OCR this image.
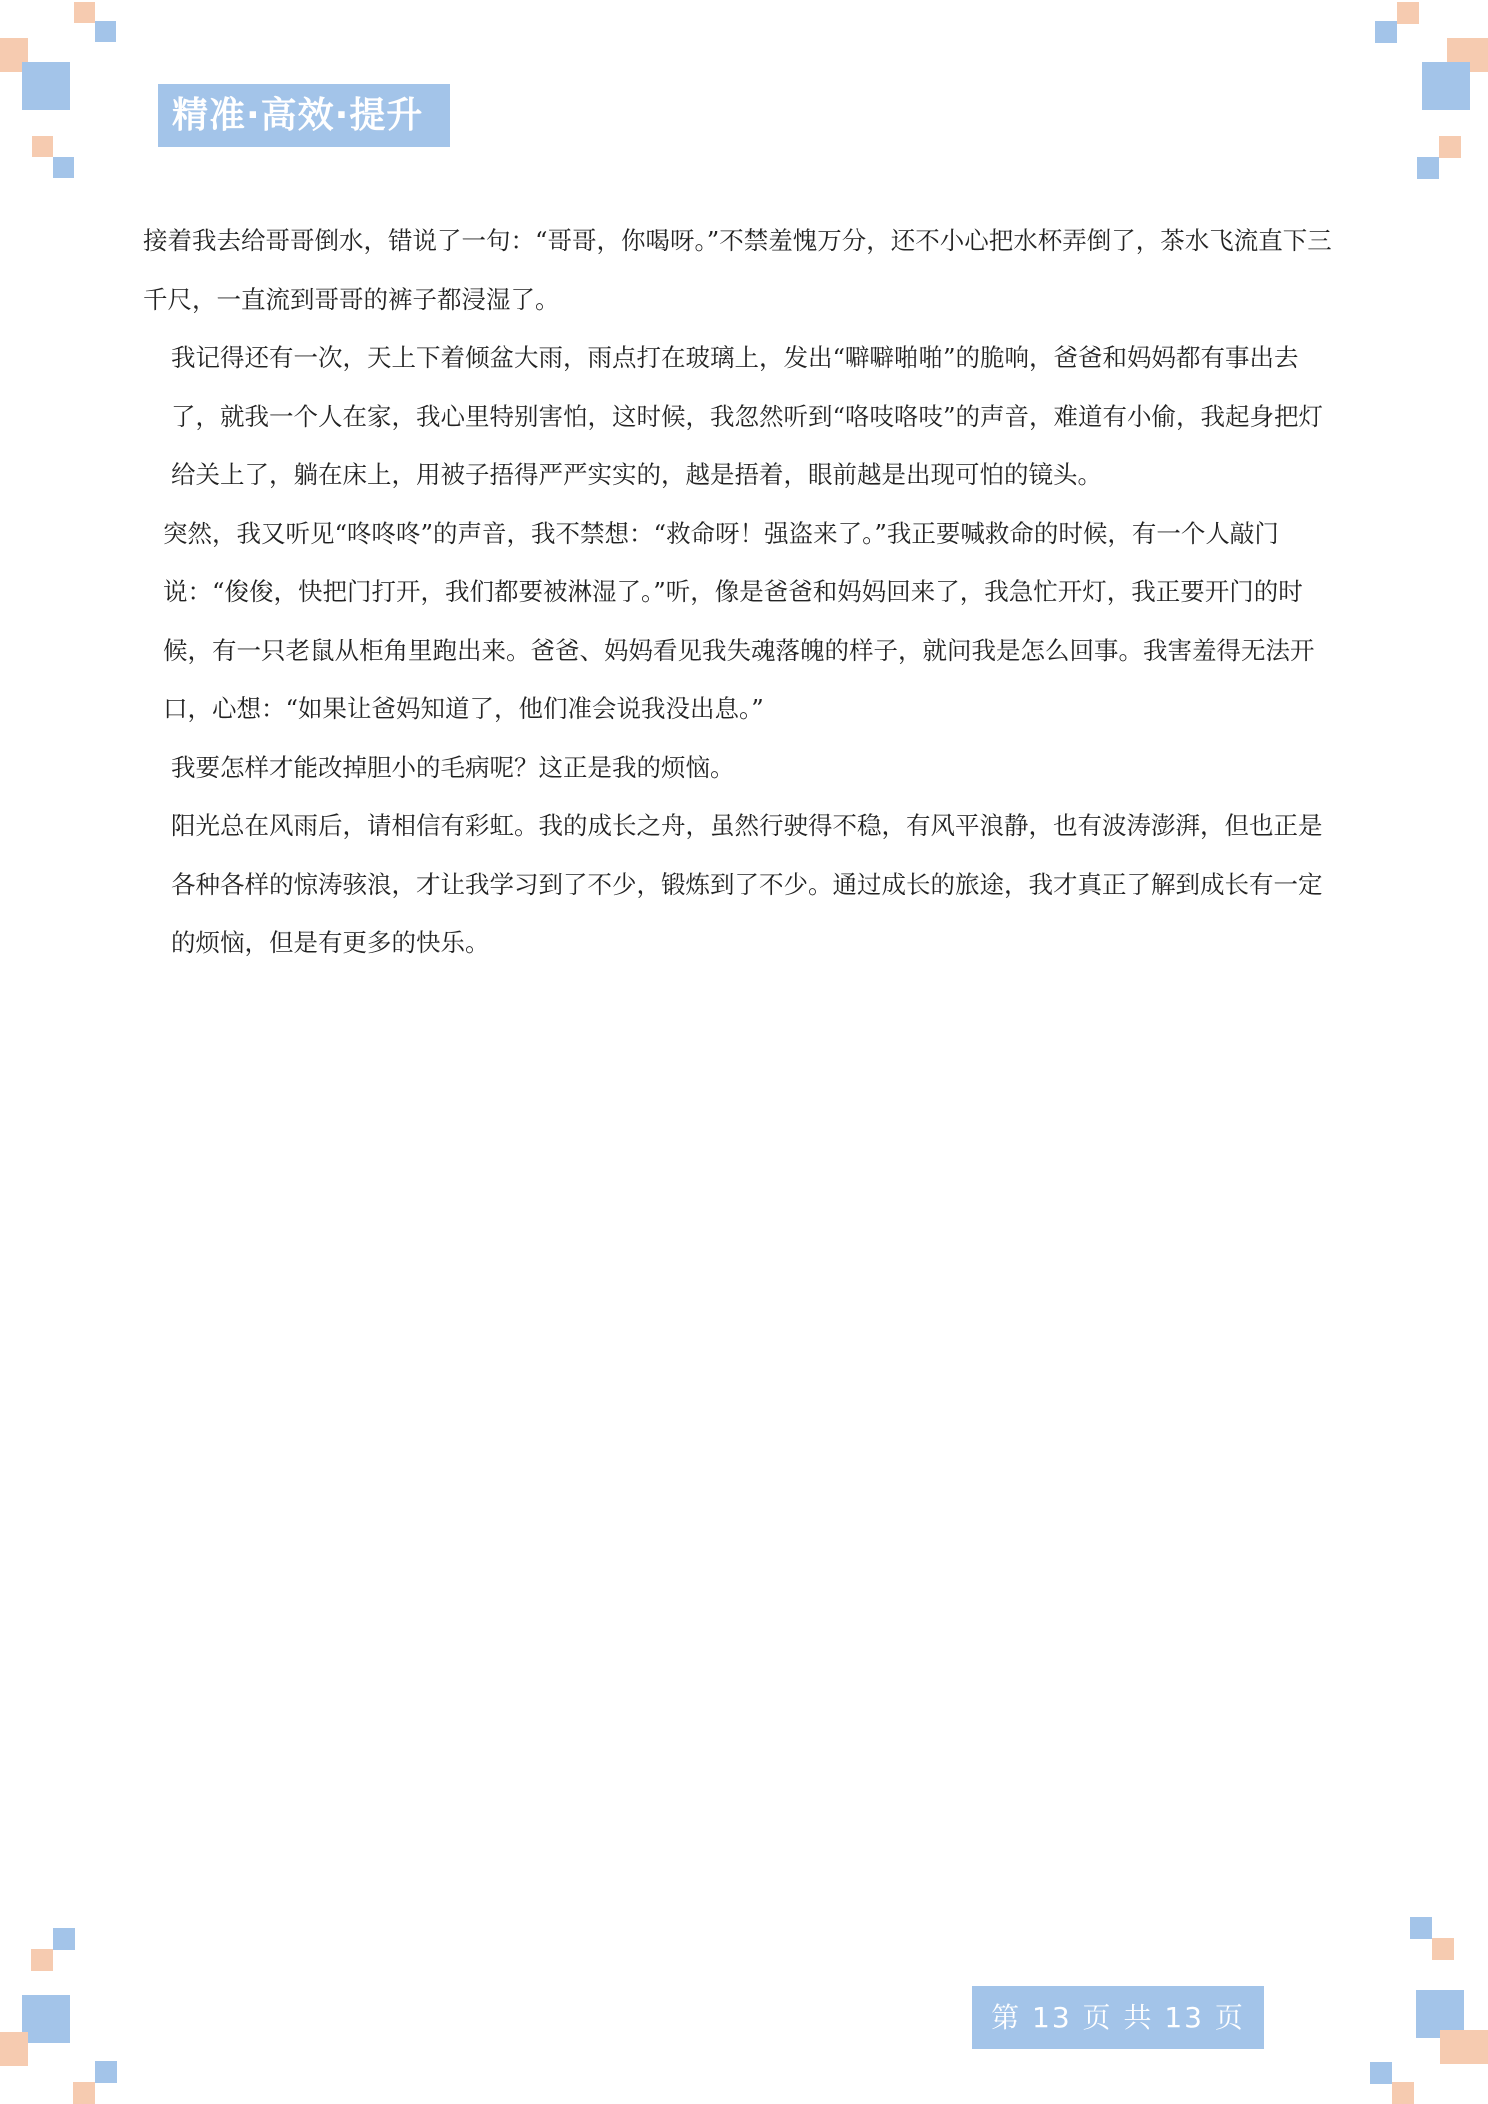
精准·高效·提升

接着我去给哥哥倒水，错说了一句：“哥哥，你喝呀。”不禁羞愧万分，还不小心把水杯弄倒了，茶水飞流直下三千尺，一直流到哥哥的裤子都浸湿了。

我记得还有一次，天上下着倾盆大雨，雨点打在玻璃上，发出“噼噼啪啪”的脆响，爸爸和妈妈都有事出去了，就我一个人在家，我心里特别害怕，这时候，我忽然听到“咯吱咯吱”的声音，难道有小偷，我起身把灯给关上了，躺在床上，用被子捂得严严实实的，越是捂着，眼前越是出现可怕的镜头。

突然，我又听见“咚咚咚”的声音，我不禁想：“救命呀！强盗来了。”我正要喊救命的时候，有一个人敲门说：“俊俊，快把门打开，我们都要被淋湿了。”听，像是爸爸和妈妈回来了，我急忙开灯，我正要开门的时候，有一只老鼠从柜角里跑出来。爸爸、妈妈看见我失魂落魄的样子，就问我是怎么回事。我害羞得无法开口，心想：“如果让爸妈知道了，他们准会说我没出息。”

我要怎样才能改掉胆小的毛病呢？这正是我的烦恼。

阳光总在风雨后，请相信有彩虹。我的成长之舟，虽然行驶得不稳，有风平浪静，也有波涛澎湃，但也正是各种各样的惊涛骇浪，才让我学习到了不少，锻炼到了不少。通过成长的旅途，我才真正了解到成长有一定的烦恼，但是有更多的快乐。

第 13 页 共 13 页
